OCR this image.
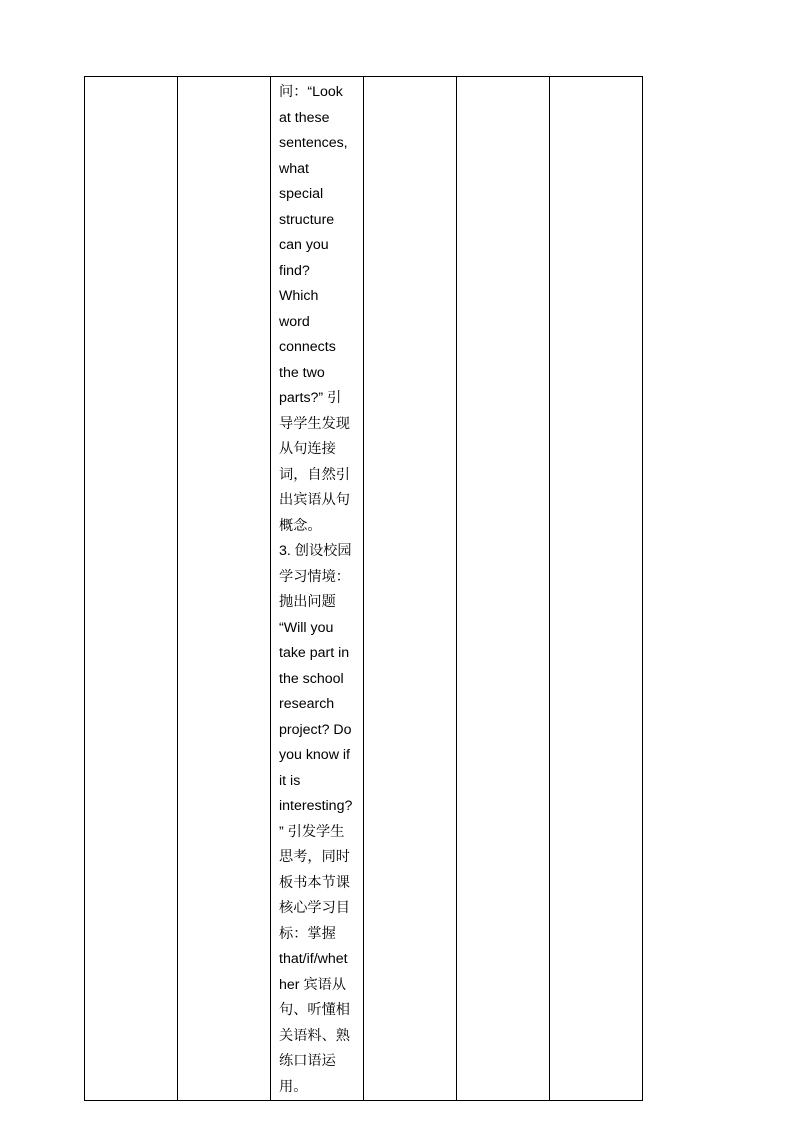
问：“Look
at these
sentences,
what
special
structure
can you
find?
Which
word
connects
the two
parts?” 引
导学生发现
从句连接
词，自然引
出宾语从句
概念。
3. 创设校园
学习情境：
抛出问题
“Will you
take part in
the school
research
project? Do
you know if
it is
interesting?
” 引发学生
思考，同时
板书本节课
核心学习目
标：掌握
that/if/whet
her 宾语从
句、听懂相
关语料、熟
练口语运
用。
